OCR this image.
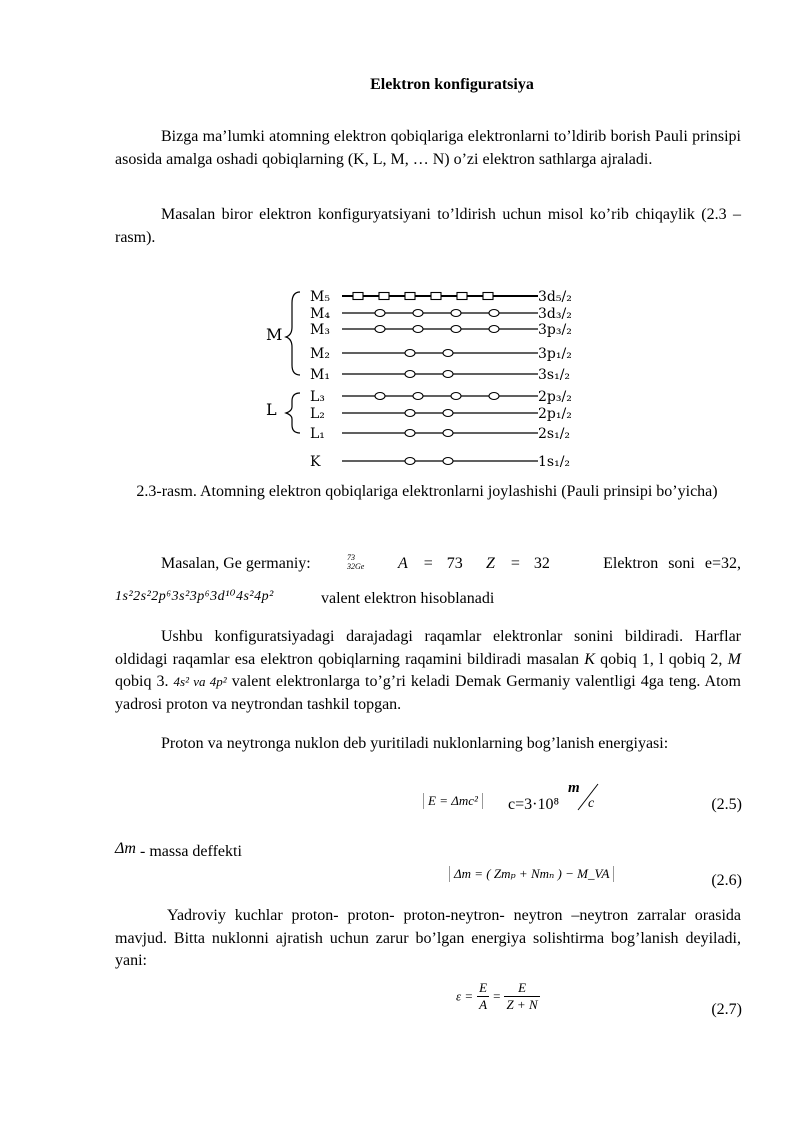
Elektron konfiguratsiya
Bizga ma’lumki atomning elektron qobiqlariga elektronlarni to’ldirib borish Pauli prinsipi asosida amalga oshadi qobiqlarning (K, L, M, … N) o’zi elektron sathlarga ajraladi.
Masalan biror elektron konfiguryatsiyani to’ldirish uchun misol ko’rib chiqaylik (2.3 – rasm).
M
L
M₅	3d₅/₂
M₄	3d₃/₂
M₃	3p₃/₂
M₂	3p₁/₂
M₁	3s₁/₂
L₃	2p₃/₂
L₂	2p₁/₂
L₁	2s₁/₂
K	1s₁/₂
2.3-rasm. Atomning elektron qobiqlariga elektronlarni joylashishi (Pauli prinsipi bo’yicha)
Masalan, Ge germaniy:	73
32Ge A = 73 Z = 32	Elektron soni e=32,
1s²2s²2p⁶3s²3p⁶3d¹⁰4s²4p²	valent elektron hisoblanadi
Ushbu konfiguratsiyadagi darajadagi raqamlar elektronlar sonini bildiradi. Harflar oldidagi raqamlar esa elektron qobiqlarning raqamini bildiradi masalan K qobiq 1, l qobiq 2, M qobiq 3. 4s² va 4p² valent elektronlarga to’g’ri keladi Demak Germaniy valentligi 4ga teng. Atom yadrosi proton va neytrondan tashkil topgan.
Proton va neytronga nuklon deb yuritiladi nuklonlarning bog’lanish energiyasi:
E = Δmc²	c=3·10⁸
m
c	(2.5)
Δm - massa deffekti
Δm = ( Zmₚ + Nmₙ ) − M_VA	(2.6)
Yadroviy kuchlar proton- proton- proton-neytron- neytron –neytron zarralar orasida mavjud. Bitta nuklonni ajratish uchun zarur bo’lgan energiya solishtirma bog’lanish deyiladi, yani:
$\varepsilon = \frac{E}{A} = \frac{E}{Z + N}$	(2.7)
